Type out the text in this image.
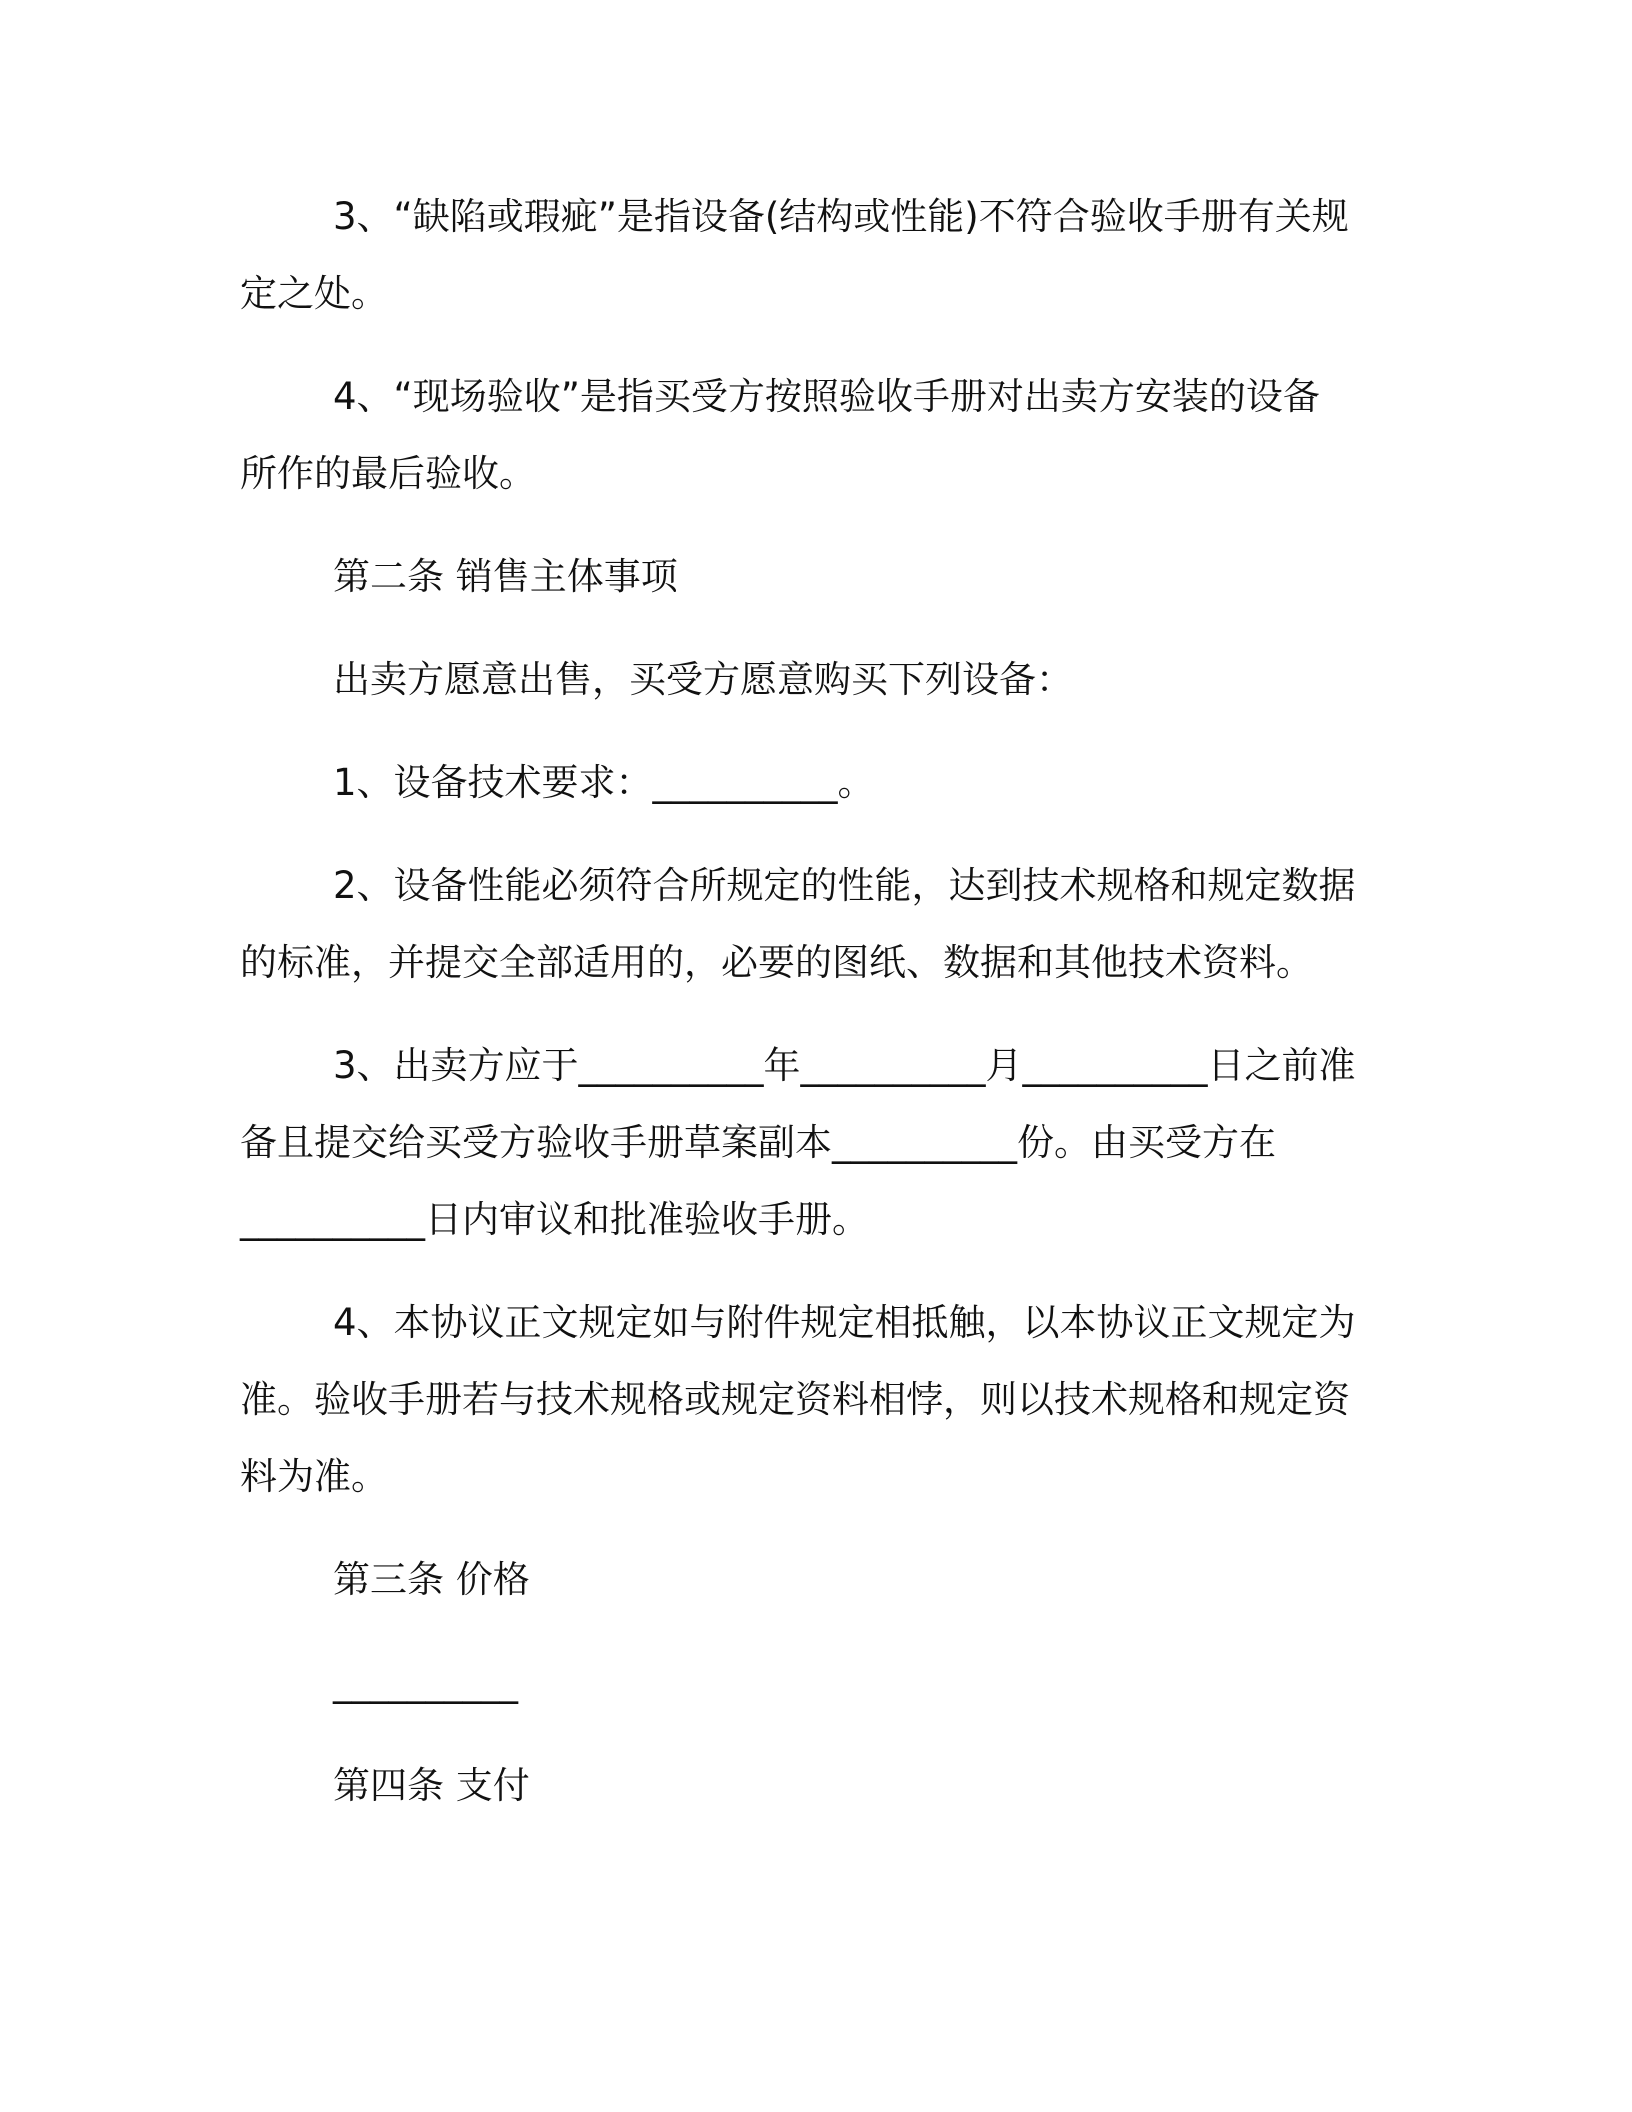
3、“缺陷或瑕疵”是指设备(结构或性能)不符合验收手册有关规
定之处。
4、“现场验收”是指买受方按照验收手册对出卖方安装的设备
所作的最后验收。
第二条 销售主体事项
出卖方愿意出售，买受方愿意购买下列设备：
1、设备技术要求：__________。
2、设备性能必须符合所规定的性能，达到技术规格和规定数据
的标准，并提交全部适用的，必要的图纸、数据和其他技术资料。
3、出卖方应于__________年__________月__________日之前准
备且提交给买受方验收手册草案副本__________份。由买受方在
__________日内审议和批准验收手册。
4、本协议正文规定如与附件规定相抵触，以本协议正文规定为
准。验收手册若与技术规格或规定资料相悖，则以技术规格和规定资
料为准。
第三条 价格
__________
第四条 支付
